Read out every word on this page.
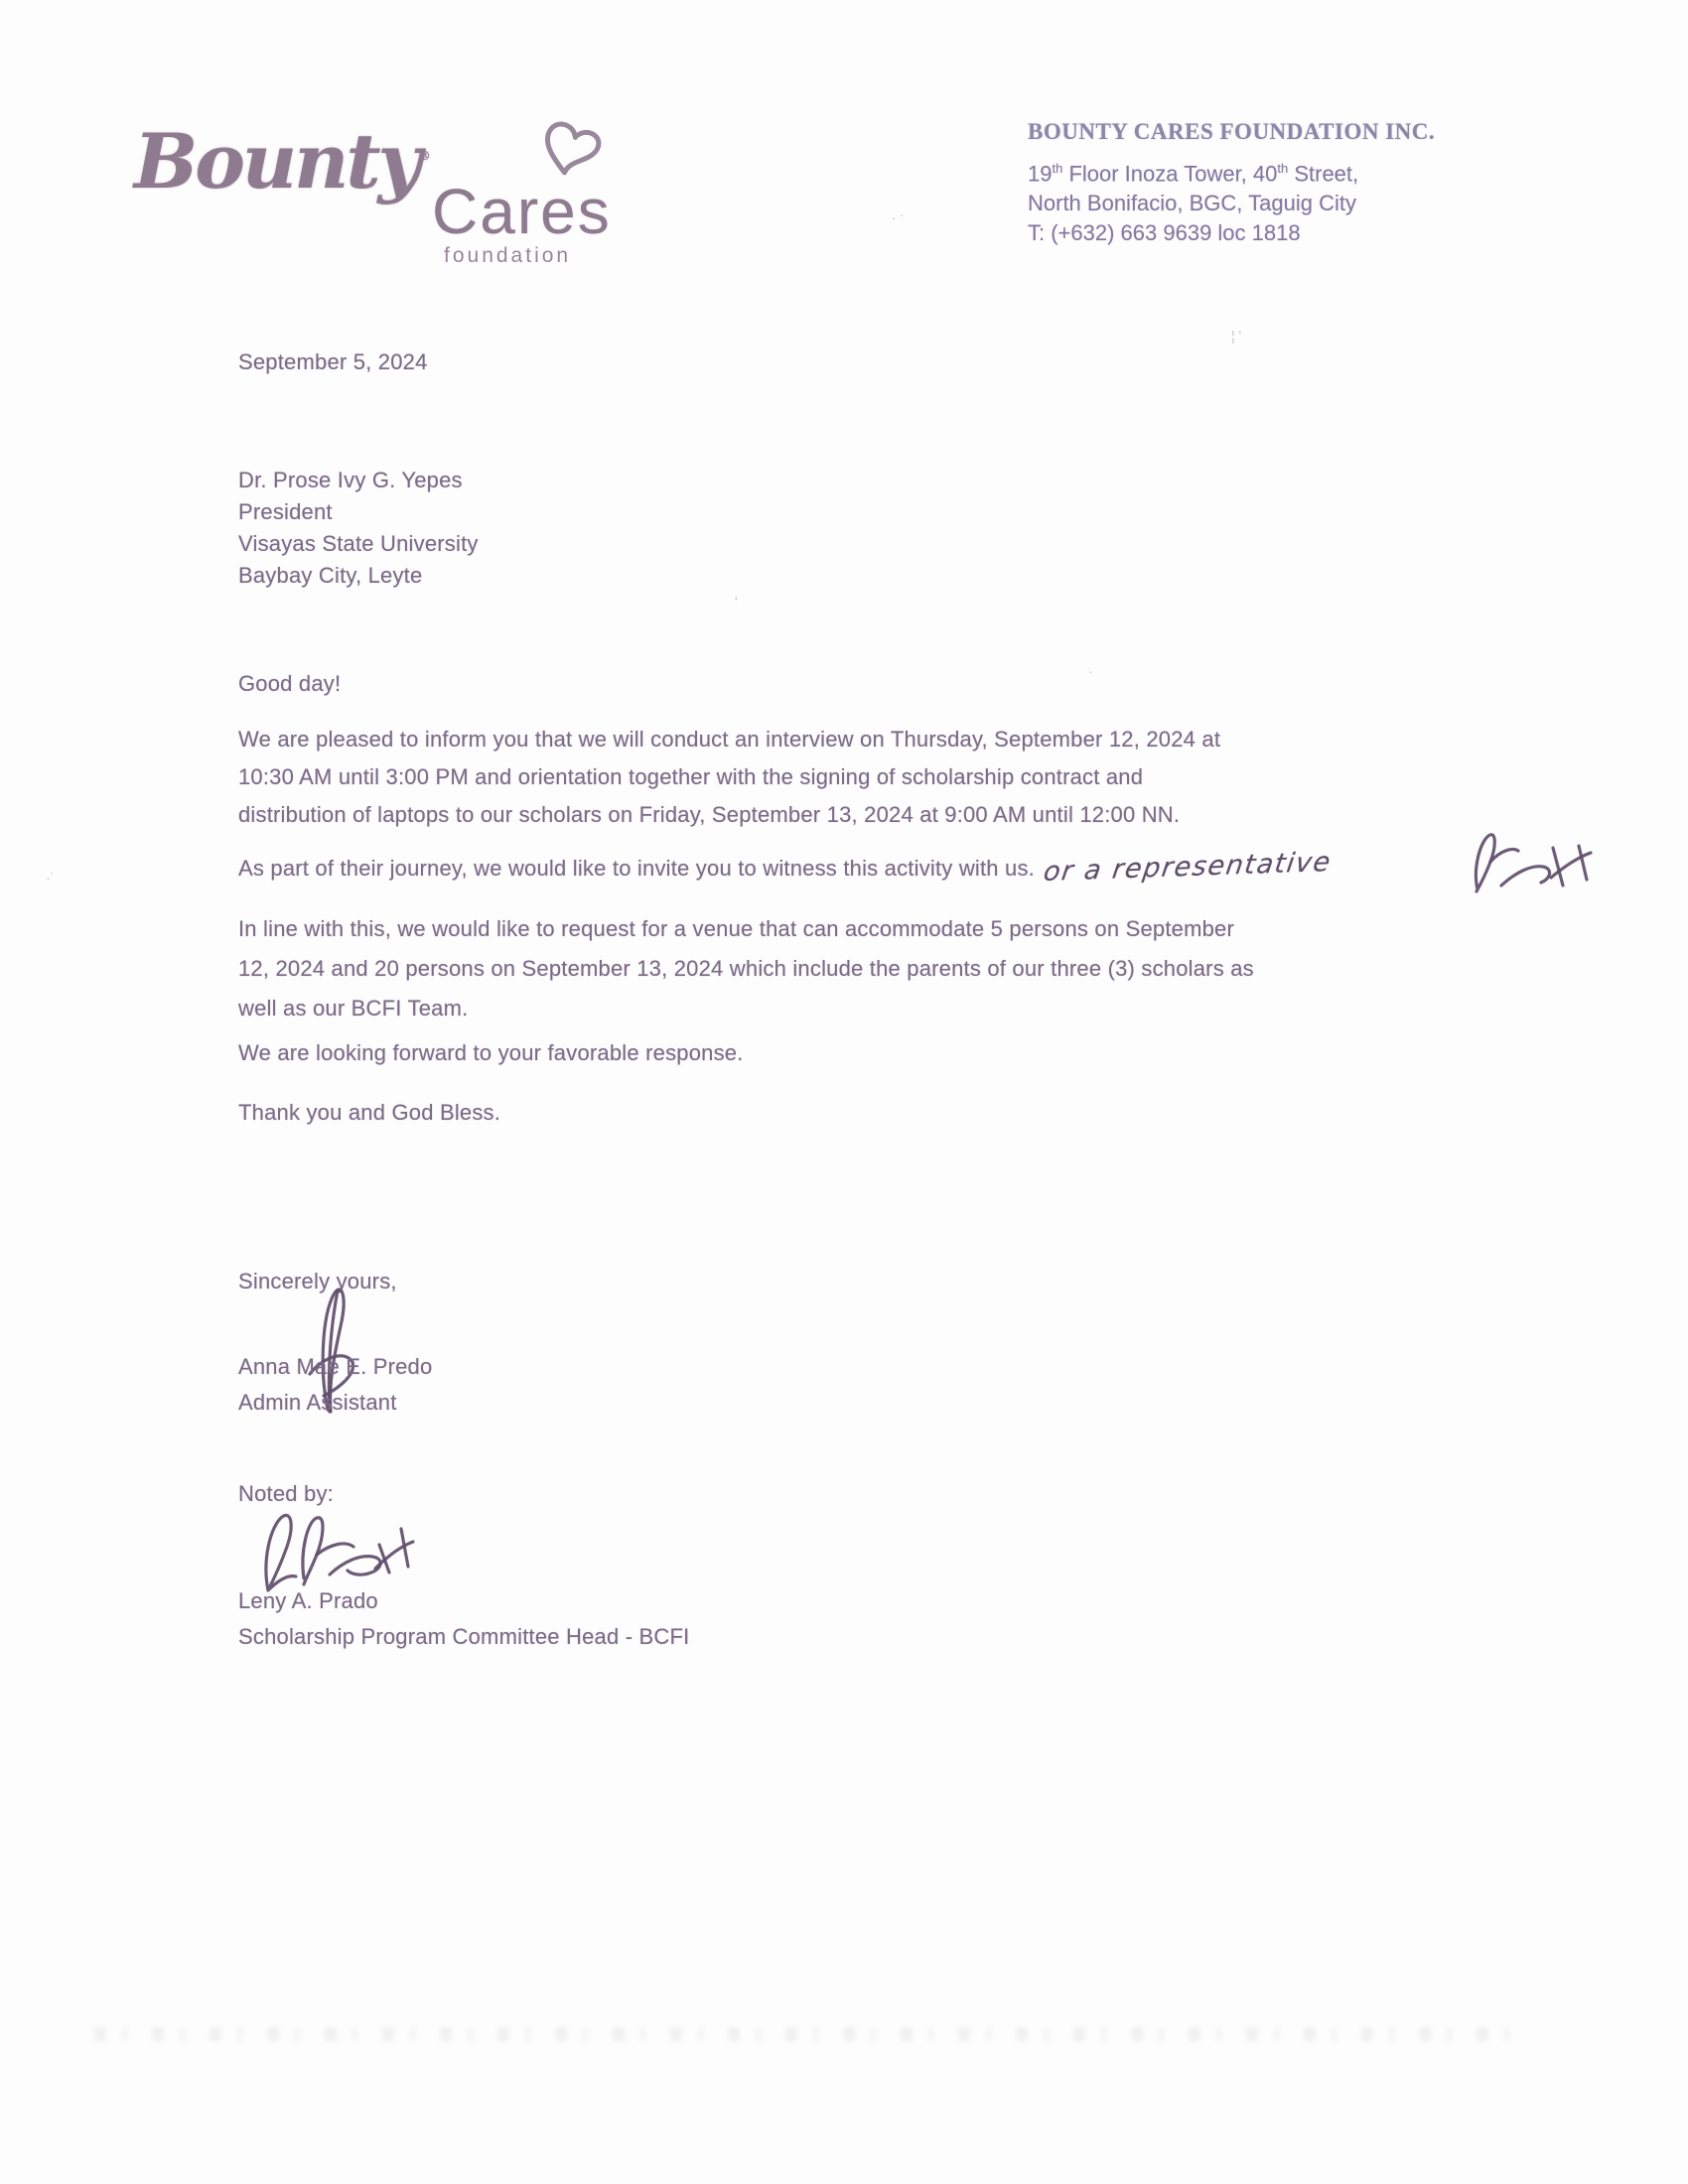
Bounty®
Cares
foundation
BOUNTY CARES FOUNDATION INC.
19th Floor Inoza Tower, 40th Street,
North Bonifacio, BGC, Taguig City
T: (+632) 663 9639 loc 1818
September 5, 2024
Dr. Prose Ivy G. Yepes
President
Visayas State University
Baybay City, Leyte
Good day!
We are pleased to inform you that we will conduct an interview on Thursday, September 12, 2024 at
10:30 AM until 3:00 PM and orientation together with the signing of scholarship contract and
distribution of laptops to our scholars on Friday, September 13, 2024 at 9:00 AM until 12:00 NN.
As part of their journey, we would like to invite you to witness this activity with us. or a representative
In line with this, we would like to request for a venue that can accommodate 5 persons on September
12, 2024 and 20 persons on September 13, 2024 which include the parents of our three (3) scholars as
well as our BCFI Team.
We are looking forward to your favorable response.
Thank you and God Bless.
Sincerely yours,
Anna Mae E. Predo
Admin Assistant
Noted by:
Leny A. Prado
Scholarship Program Committee Head - BCFI
. ·
¦ '
'
·˙
·
